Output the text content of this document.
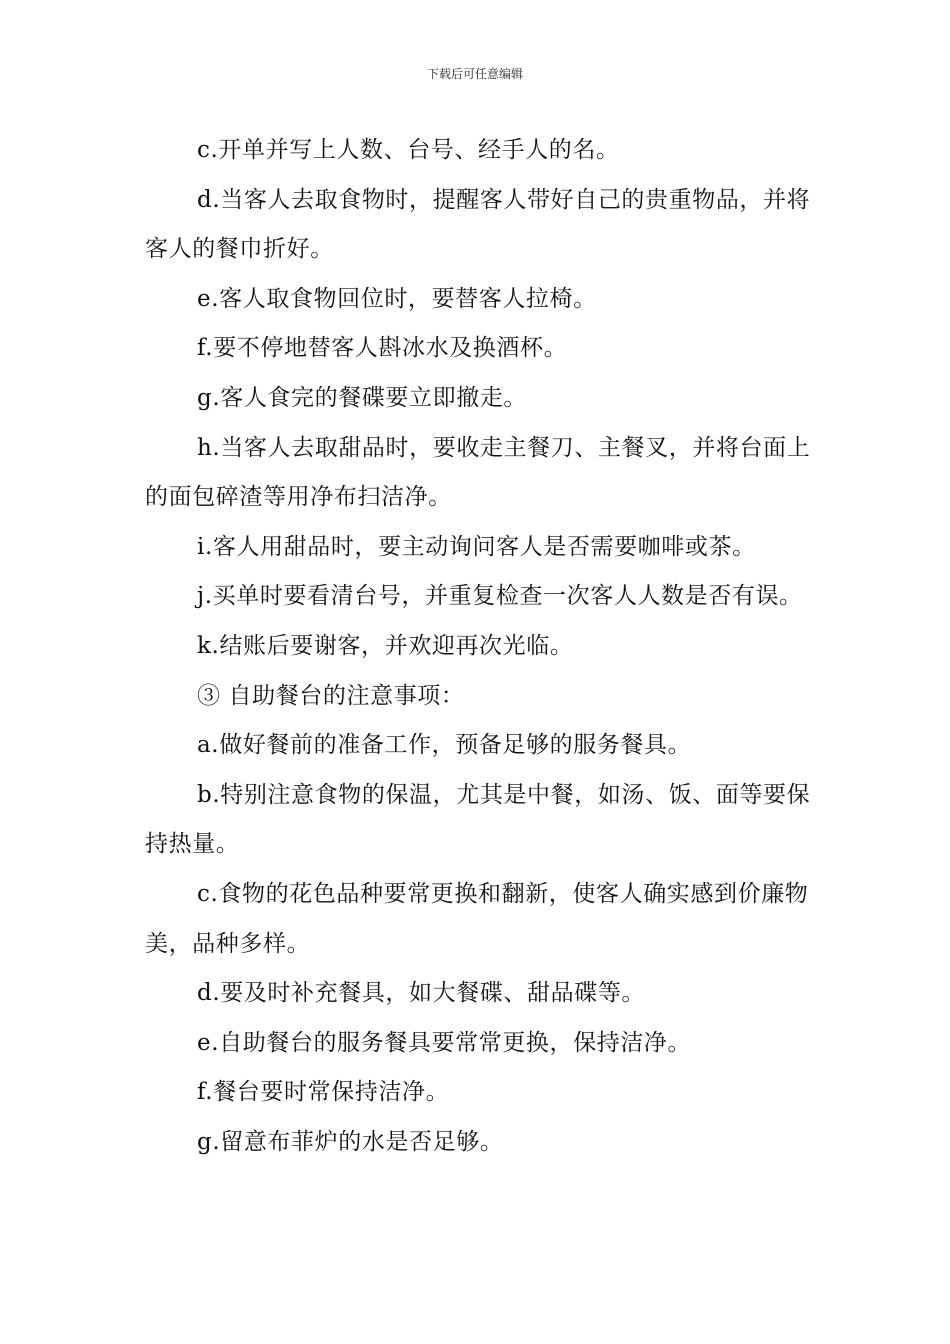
下载后可任意编辑

c.开单并写上人数、台号、经手人的名。

d.当客人去取食物时，提醒客人带好自己的贵重物品，并将客人的餐巾折好。

e.客人取食物回位时，要替客人拉椅。

f.要不停地替客人斟冰水及换酒杯。

g.客人食完的餐碟要立即撤走。

h.当客人去取甜品时，要收走主餐刀、主餐叉，并将台面上的面包碎渣等用净布扫洁净。

i.客人用甜品时，要主动询问客人是否需要咖啡或茶。

j.买单时要看清台号，并重复检查一次客人人数是否有误。

k.结账后要谢客，并欢迎再次光临。

③ 自助餐台的注意事项：

a.做好餐前的准备工作，预备足够的服务餐具。

b.特别注意食物的保温，尤其是中餐，如汤、饭、面等要保持热量。

c.食物的花色品种要常更换和翻新，使客人确实感到价廉物美，品种多样。

d.要及时补充餐具，如大餐碟、甜品碟等。

e.自助餐台的服务餐具要常常更换，保持洁净。

f.餐台要时常保持洁净。

g.留意布菲炉的水是否足够。
